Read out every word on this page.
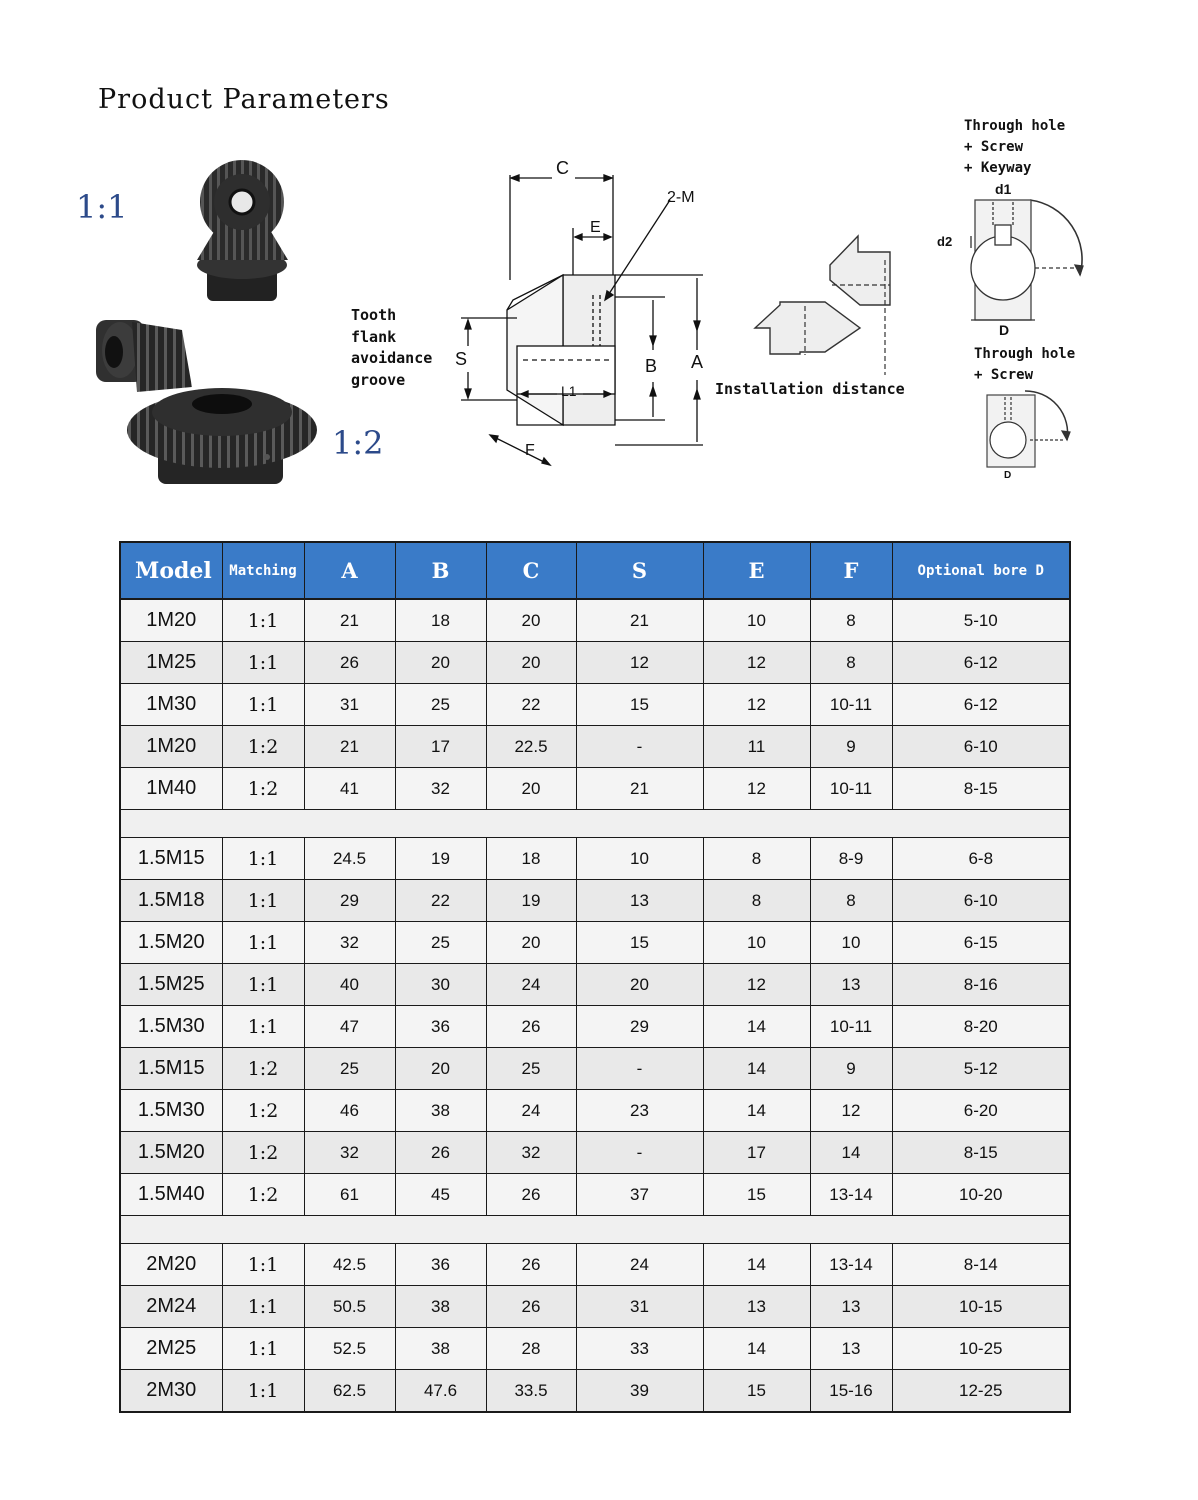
Product Parameters
1:1
1:2
C
E
2-M
S	B A
L1
F
Tooth
flank
avoidance
groove
Installation distance
Through hole
+ Screw
+ Keyway
d1
d2
D
Through hole
+ Screw
D
Model	Matching	A	B	C	S	E	F	Optional bore D
1M20	1:1	21	18	20	21	10	8	5-10
1M25	1:1	26	20	20	12	12	8	6-12
1M30	1:1	31	25	22	15	12	10-11	6-12
1M20	1:2	21	17	22.5	-	11	9	6-10
1M40	1:2	41	32	20	21	12	10-11	8-15

1.5M15	1:1	24.5	19	18	10	8	8-9	6-8
1.5M18	1:1	29	22	19	13	8	8	6-10
1.5M20	1:1	32	25	20	15	10	10	6-15
1.5M25	1:1	40	30	24	20	12	13	8-16
1.5M30	1:1	47	36	26	29	14	10-11	8-20
1.5M15	1:2	25	20	25	-	14	9	5-12
1.5M30	1:2	46	38	24	23	14	12	6-20
1.5M20	1:2	32	26	32	-	17	14	8-15
1.5M40	1:2	61	45	26	37	15	13-14	10-20

2M20	1:1	42.5	36	26	24	14	13-14	8-14
2M24	1:1	50.5	38	26	31	13	13	10-15
2M25	1:1	52.5	38	28	33	14	13	10-25
2M30	1:1	62.5	47.6	33.5	39	15	15-16	12-25
